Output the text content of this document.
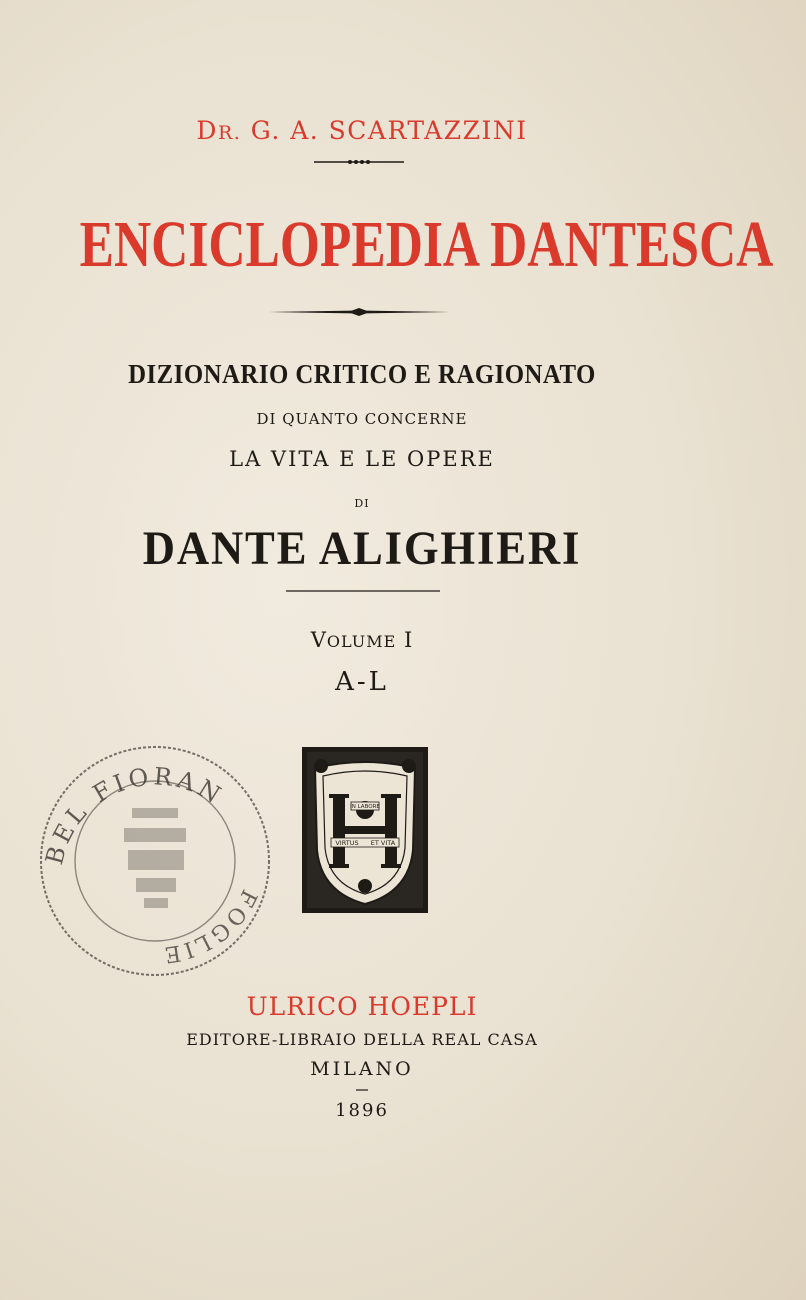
DR. G. A. SCARTAZZINI
ENCICLOPEDIA DANTESCA
DIZIONARIO CRITICO E RAGIONATO
DI QUANTO CONCERNE
LA VITA E LE OPERE
DI
DANTE ALIGHIERI
VOLUME I
A-L
BEL FIORAN
FOGLIE
IN LABORE
VIRTUS ET VITA
ULRICO HOEPLI
EDITORE-LIBRAIO DELLA REAL CASA
MILANO
1896
